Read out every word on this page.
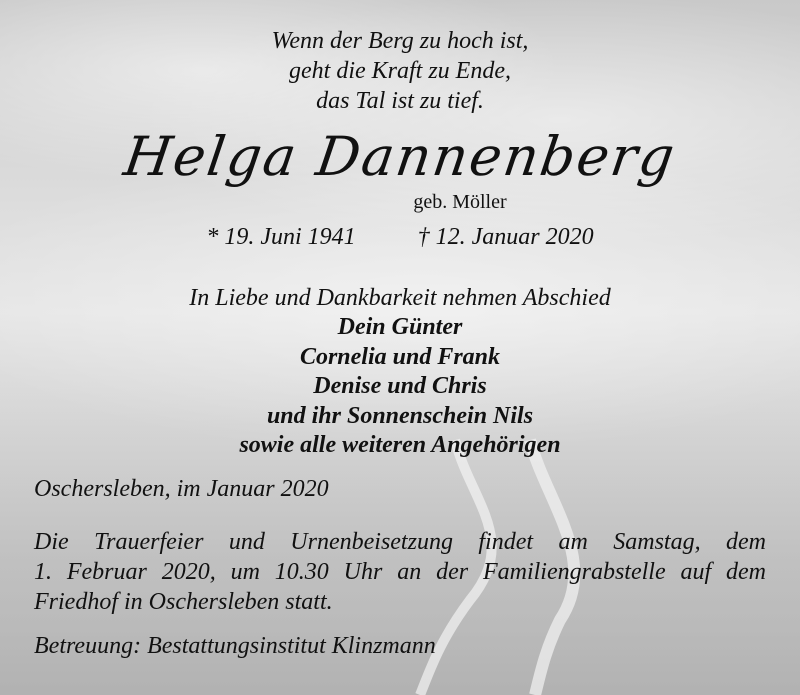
Wenn der Berg zu hoch ist,
geht die Kraft zu Ende,
das Tal ist zu tief.
Helga Dannenberg
geb. Möller
* 19. Juni 1941	† 12. Januar 2020
In Liebe und Dankbarkeit nehmen Abschied
Dein Günter
Cornelia und Frank
Denise und Chris
und ihr Sonnenschein Nils
sowie alle weiteren Angehörigen
Oschersleben, im Januar 2020
Die Trauerfeier und Urnenbeisetzung findet am Samstag, dem
1. Februar 2020, um 10.30 Uhr an der Familiengrabstelle auf dem
Friedhof in Oschersleben statt.
Betreuung: Bestattungsinstitut Klinzmann
